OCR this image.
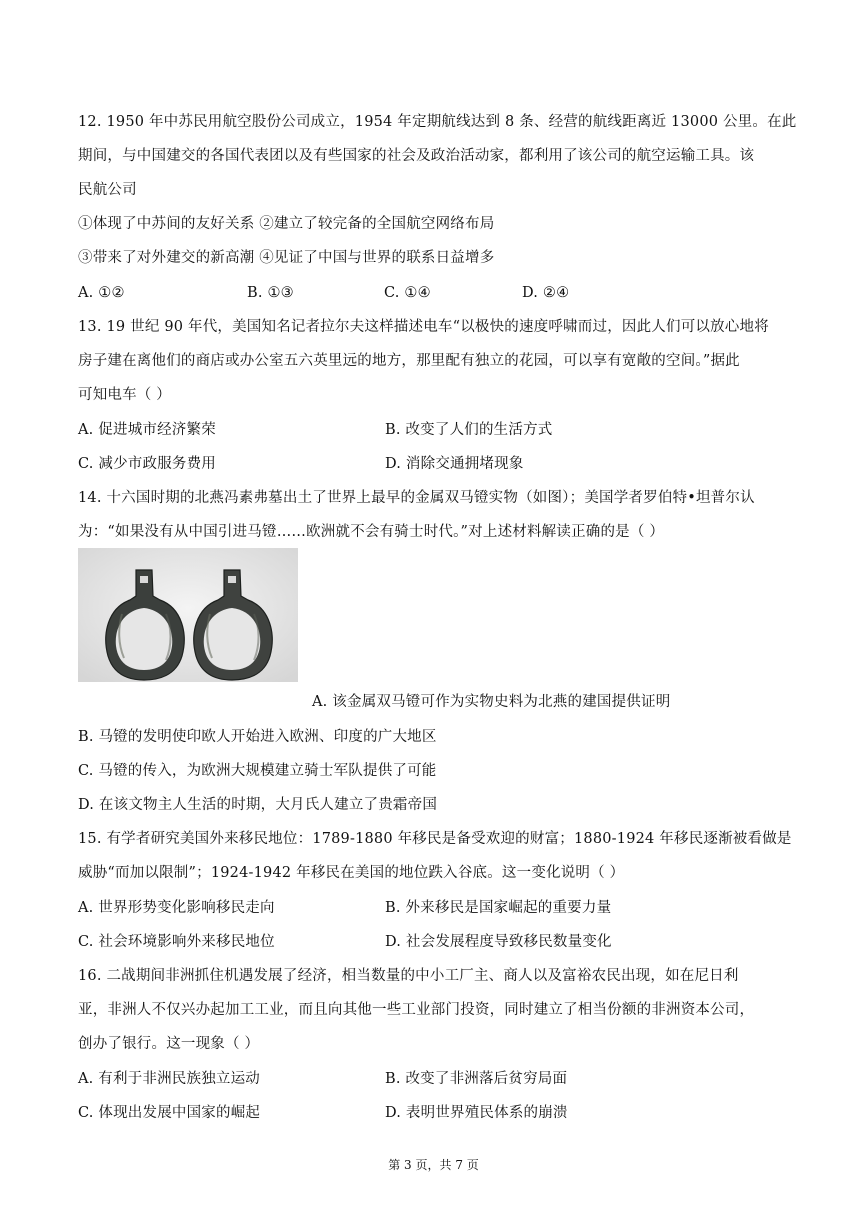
12. 1950 年中苏民用航空股份公司成立，1954 年定期航线达到 8 条、经营的航线距离近 13000 公里。在此
期间，与中国建交的各国代表团以及有些国家的社会及政治活动家，都利用了该公司的航空运输工具。该
民航公司
①体现了中苏间的友好关系 ②建立了较完备的全国航空网络布局
③带来了对外建交的新高潮 ④见证了中国与世界的联系日益增多
A. ①②	B. ①③	C. ①④	D. ②④
13. 19 世纪 90 年代，美国知名记者拉尔夫这样描述电车“以极快的速度呼啸而过，因此人们可以放心地将
房子建在离他们的商店或办公室五六英里远的地方，那里配有独立的花园，可以享有宽敞的空间。”据此
可知电车（ ）
A. 促进城市经济繁荣	B. 改变了人们的生活方式
C. 减少市政服务费用	D. 消除交通拥堵现象
14. 十六国时期的北燕冯素弗墓出土了世界上最早的金属双马镫实物（如图）；美国学者罗伯特•坦普尔认
为：“如果没有从中国引进马镫……欧洲就不会有骑士时代。”对上述材料解读正确的是（ ）
A. 该金属双马镫可作为实物史料为北燕的建国提供证明
B. 马镫的发明使印欧人开始进入欧洲、印度的广大地区
C. 马镫的传入，为欧洲大规模建立骑士军队提供了可能
D. 在该文物主人生活的时期，大月氏人建立了贵霜帝国
15. 有学者研究美国外来移民地位：1789-1880 年移民是备受欢迎的财富；1880-1924 年移民逐渐被看做是
威胁“而加以限制”；1924-1942 年移民在美国的地位跌入谷底。这一变化说明（ ）
A. 世界形势变化影响移民走向	B. 外来移民是国家崛起的重要力量
C. 社会环境影响外来移民地位	D. 社会发展程度导致移民数量变化
16. 二战期间非洲抓住机遇发展了经济，相当数量的中小工厂主、商人以及富裕农民出现，如在尼日利
亚，非洲人不仅兴办起加工工业，而且向其他一些工业部门投资，同时建立了相当份额的非洲资本公司，
创办了银行。这一现象（ ）
A. 有利于非洲民族独立运动	B. 改变了非洲落后贫穷局面
C. 体现出发展中国家的崛起	D. 表明世界殖民体系的崩溃
第 3 页，共 7 页
